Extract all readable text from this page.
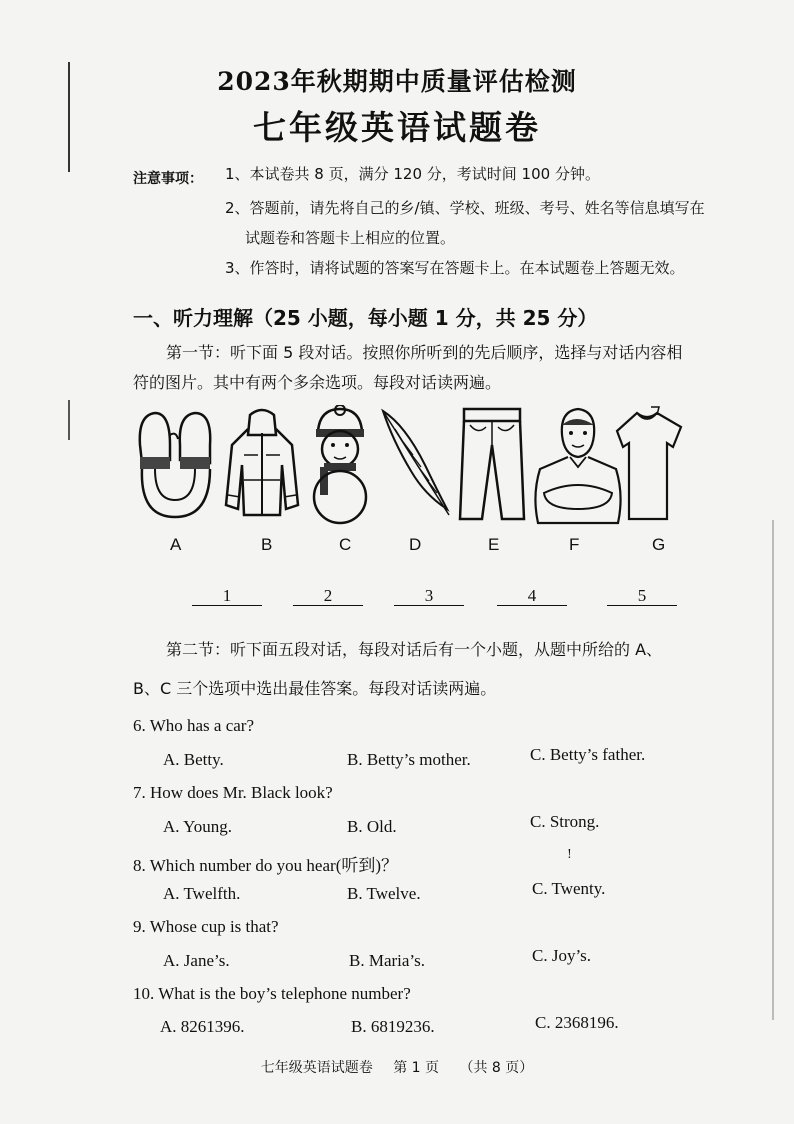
2023年秋期期中质量评估检测
七年级英语试题卷
注意事项： 1、本试卷共 8 页，满分 120 分，考试时间 100 分钟。
2、答题前，请先将自己的乡/镇、学校、班级、考号、姓名等信息填写在
试题卷和答题卡上相应的位置。
3、作答时，请将试题的答案写在答题卡上。在本试题卷上答题无效。
一、听力理解（25 小题，每小题 1 分，共 25 分）
第一节：听下面 5 段对话。按照你所听到的先后顺序，选择与对话内容相
符的图片。其中有两个多余选项。每段对话读两遍。
A	B	C	D	E	F	G
1	2	3	4	5
第二节：听下面五段对话，每段对话后有一个小题，从题中所给的 A、
B、C 三个选项中选出最佳答案。每段对话读两遍。
6. Who has a car?
A. Betty.	B. Betty’s mother.	C. Betty’s father.
7. How does Mr. Black look?
A. Young.	B. Old.	C. Strong.
8. Which number do you hear(听到)？
!
A. Twelfth.	B. Twelve.	C. Twenty.
9. Whose cup is that?
A. Jane’s.	B. Maria’s.	C. Joy’s.
10. What is the boy’s telephone number?
A. 8261396.	B. 6819236.	C. 2368196.
七年级英语试题卷 第 1 页 （共 8 页）
